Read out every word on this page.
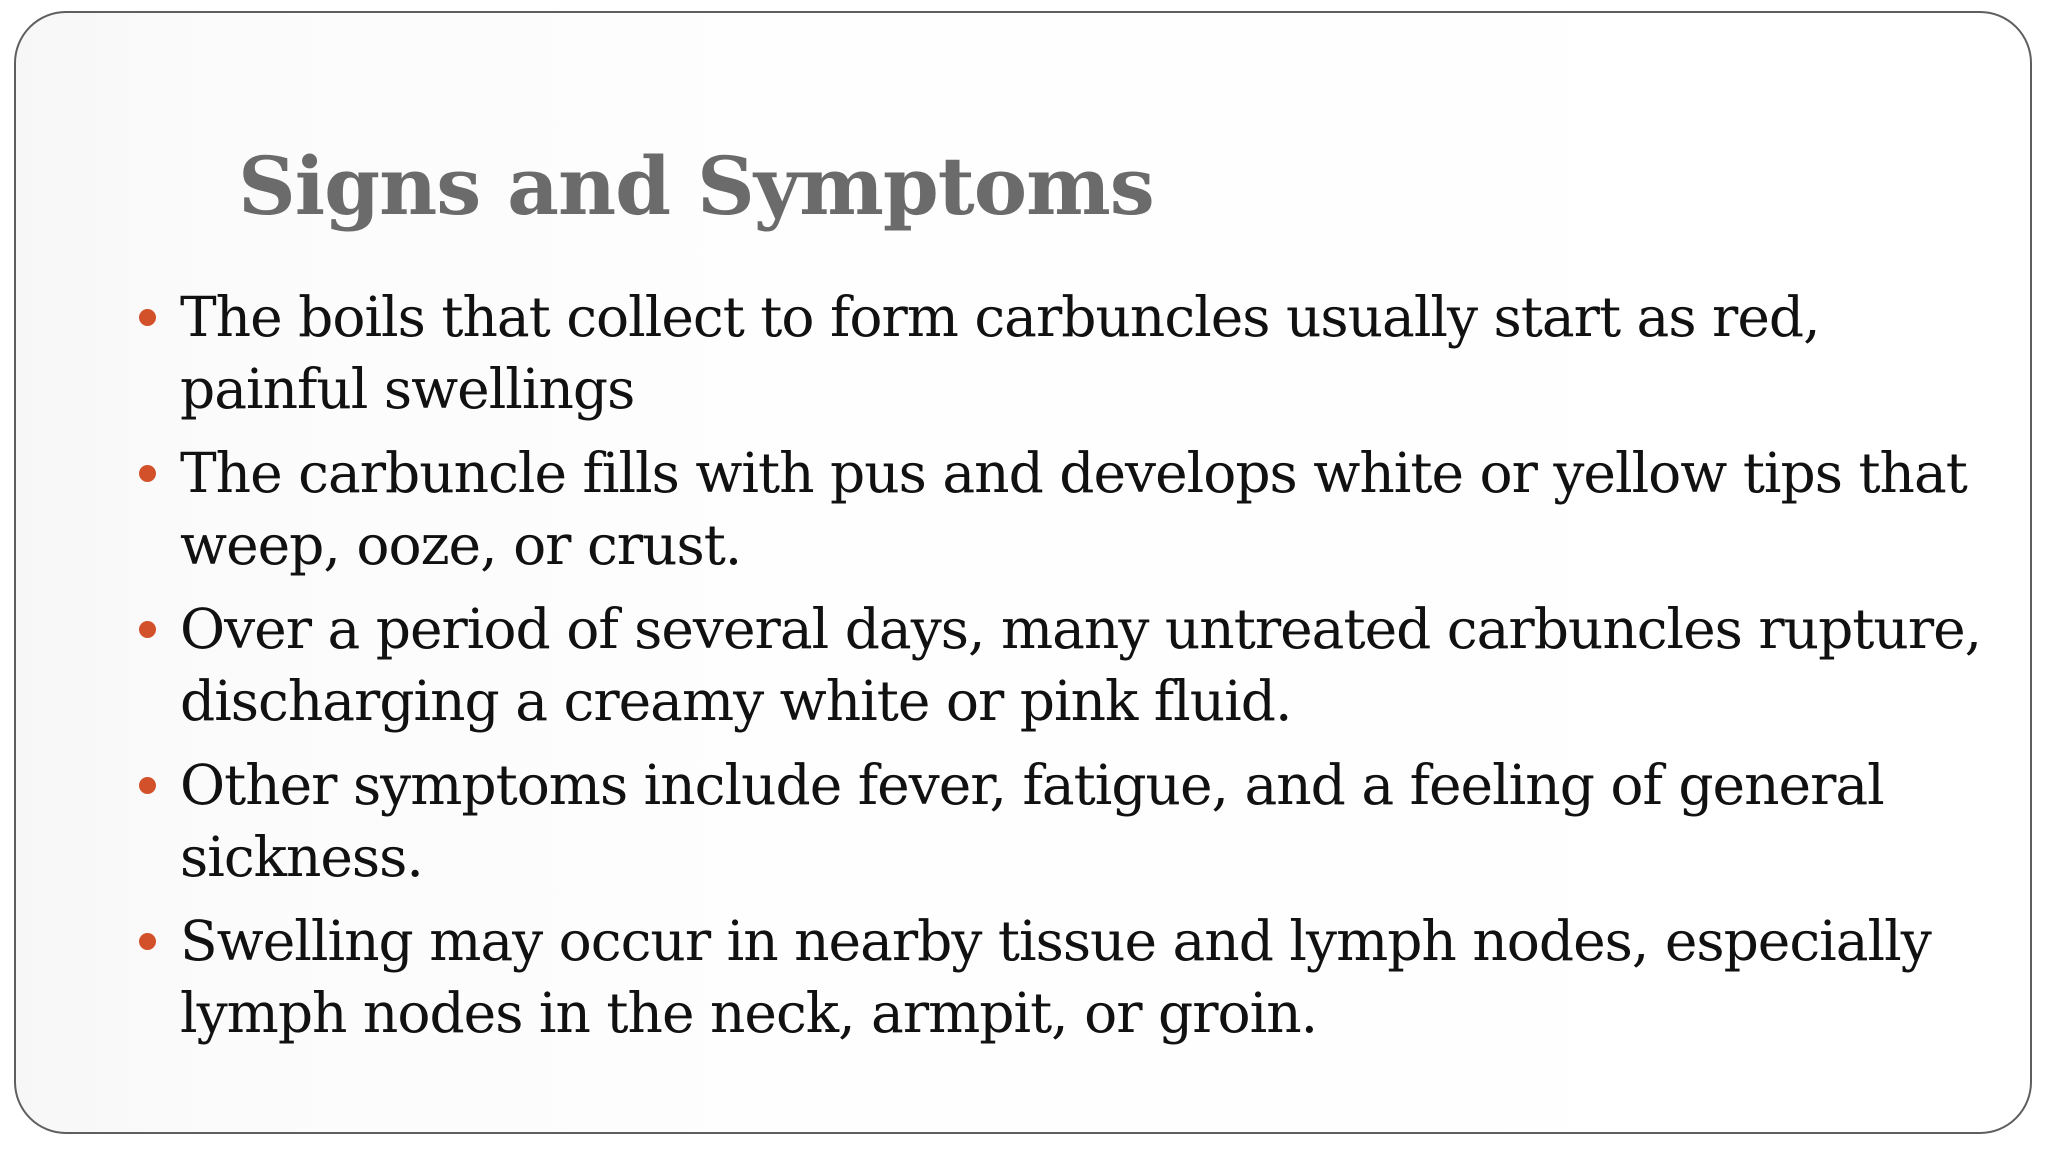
Signs and Symptoms
The boils that collect to form carbuncles usually start as red, painful swellings
The carbuncle fills with pus and develops white or yellow tips that weep, ooze, or crust.
Over a period of several days, many untreated carbuncles rupture, discharging a creamy white or pink fluid.
Other symptoms include fever, fatigue, and a feeling of general sickness.
Swelling may occur in nearby tissue and lymph nodes, especially lymph nodes in the neck, armpit, or groin.
